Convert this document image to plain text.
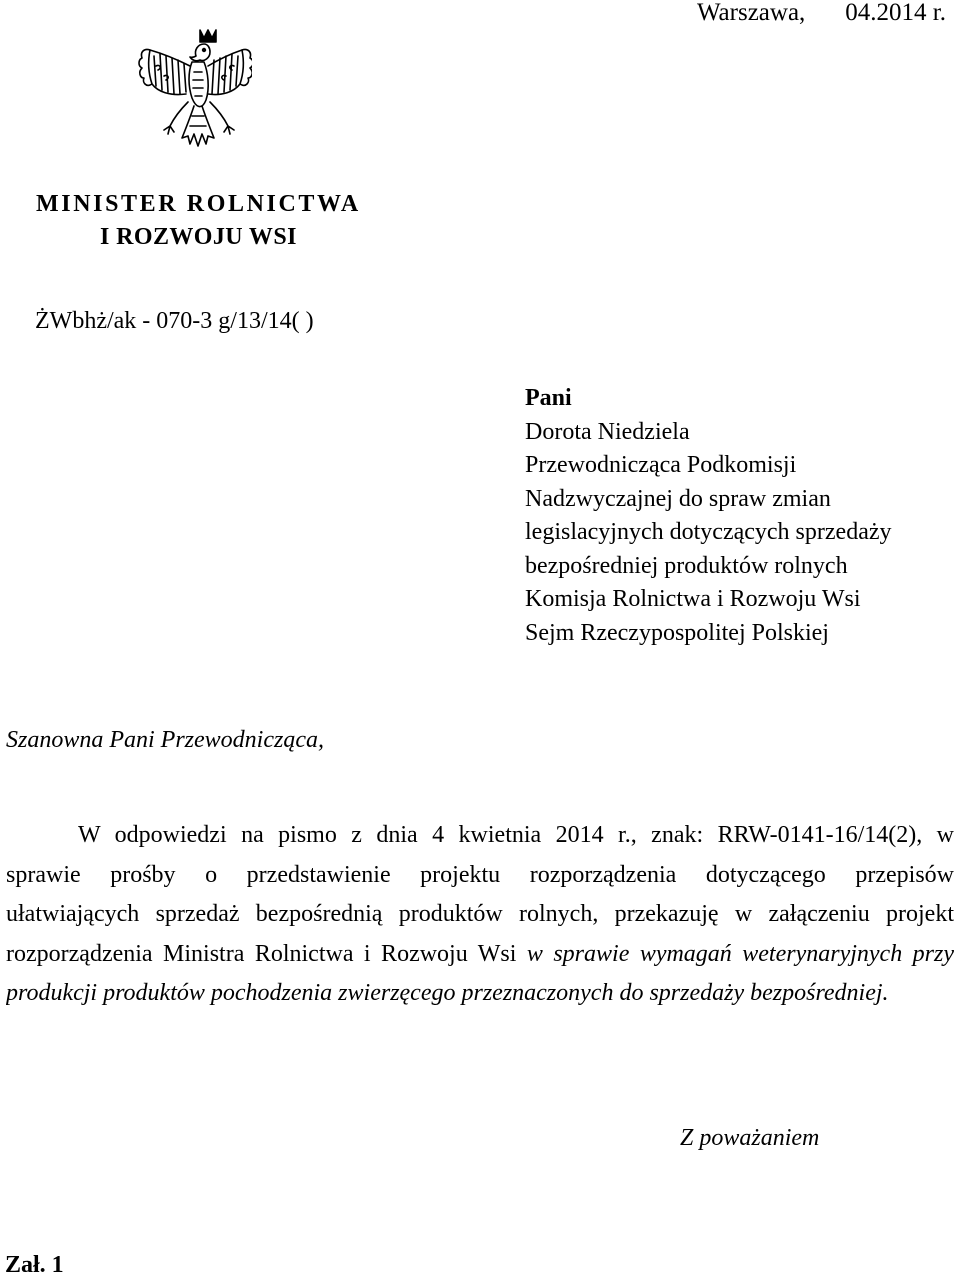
Warszawa, 04.2014 r.
MINISTER ROLNICTWA
I ROZWOJU WSI
ŻWbhż/ak - 070-3 g/13/14( )
Pani
Dorota Niedziela
Przewodnicząca Podkomisji
Nadzwyczajnej do spraw zmian
legislacyjnych dotyczących sprzedaży
bezpośredniej produktów rolnych
Komisja Rolnictwa i Rozwoju Wsi
Sejm Rzeczypospolitej Polskiej
Szanowna Pani Przewodnicząca,
W odpowiedzi na pismo z dnia 4 kwietnia 2014 r., znak: RRW-0141-16/14(2), w
sprawie prośby o przedstawienie projektu rozporządzenia dotyczącego przepisów
ułatwiających sprzedaż bezpośrednią produktów rolnych, przekazuję w załączeniu projekt
rozporządzenia Ministra Rolnictwa i Rozwoju Wsi w sprawie wymagań weterynaryjnych przy
produkcji produktów pochodzenia zwierzęcego przeznaczonych do sprzedaży bezpośredniej.
Z poważaniem
Zał. 1
